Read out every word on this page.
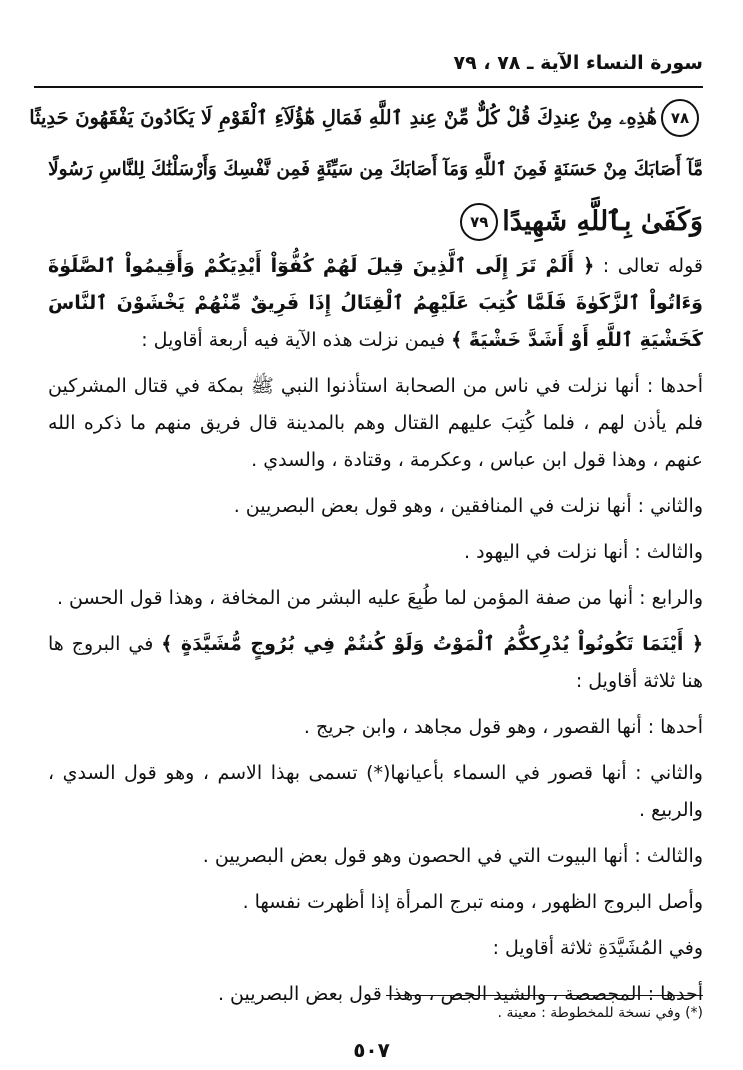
سورة النساء الآية ـ ٧٨ ، ٧٩
٧٨
هَٰذِهِۦ مِنْ عِندِكَ قُلْ كُلٌّ مِّنْ عِندِ ٱللَّهِ فَمَالِ هَٰٓؤُلَآءِ ٱلْقَوْمِ لَا يَكَادُونَ يَفْقَهُونَ حَدِيثًا
مَّآ أَصَابَكَ مِنْ حَسَنَةٍ فَمِنَ ٱللَّهِ وَمَآ أَصَابَكَ مِن سَيِّئَةٍ فَمِن نَّفْسِكَ وَأَرْسَلْنَٰكَ لِلنَّاسِ رَسُولًا
وَكَفَىٰ بِٱللَّهِ شَهِيدًا
٧٩

قوله تعالى : ﴿ أَلَمْ تَرَ إِلَى ٱلَّذِينَ قِيلَ لَهُمْ كُفُّوٓاْ أَيْدِيَكُمْ وَأَقِيمُواْ ٱلصَّلَوٰةَ وَءَاتُواْ ٱلزَّكَوٰةَ فَلَمَّا كُتِبَ عَلَيْهِمُ ٱلْقِتَالُ إِذَا فَرِيقٌ مِّنْهُمْ يَخْشَوْنَ ٱلنَّاسَ كَخَشْيَةِ ٱللَّهِ أَوْ أَشَدَّ خَشْيَةً ﴾ فيمن نزلت هذه الآية فيه أربعة أقاويل :

أحدها : أنها نزلت في ناس من الصحابة استأذنوا النبي ﷺ بمكة في قتال المشركين فلم يأذن لهم ، فلما كُتِبَ عليهم القتال وهم بالمدينة قال فريق منهم ما ذكره الله عنهم ، وهذا قول ابن عباس ، وعكرمة ، وقتادة ، والسدي .

والثاني : أنها نزلت في المنافقين ، وهو قول بعض البصريين .

والثالث : أنها نزلت في اليهود .

والرابع : أنها من صفة المؤمن لما طُبِعَ عليه البشر من المخافة ، وهذا قول الحسن .

﴿ أَيْنَمَا تَكُونُواْ يُدْرِككُّمُ ٱلْمَوْتُ وَلَوْ كُنتُمْ فِي بُرُوجٍ مُّشَيَّدَةٍ ﴾ في البروج ها هنا ثلاثة أقاويل :

أحدها : أنها القصور ، وهو قول مجاهد ، وابن جريج .

والثاني : أنها قصور في السماء بأعيانها(*) تسمى بهذا الاسم ، وهو قول السدي ، والربيع .

والثالث : أنها البيوت التي في الحصون وهو قول بعض البصريين .

وأصل البروج الظهور ، ومنه تبرج المرأة إذا أظهرت نفسها .

وفي المُشَيَّدَةِ ثلاثة أقاويل :

أحدها : المجصصة ، والشيد الجص ، وهذا قول بعض البصريين .

(*) وفي نسخة للمخطوطة : معينة .
٥٠٧
